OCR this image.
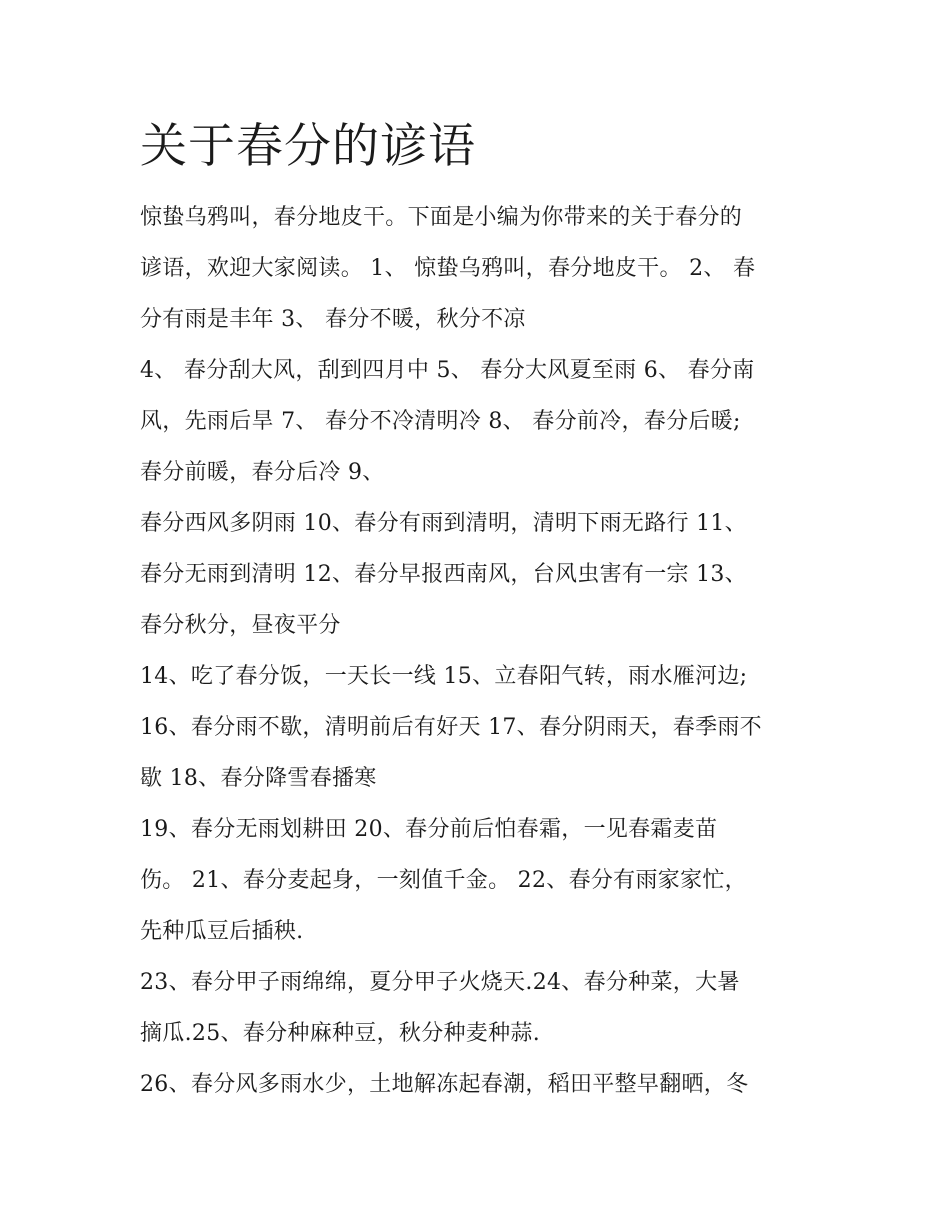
关于春分的谚语

惊蛰乌鸦叫，春分地皮干。下面是小编为你带来的关于春分的
谚语，欢迎大家阅读。 1、 惊蛰乌鸦叫，春分地皮干。 2、 春
分有雨是丰年 3、 春分不暖，秋分不凉

4、 春分刮大风，刮到四月中 5、 春分大风夏至雨 6、 春分南
风，先雨后旱 7、 春分不冷清明冷 8、 春分前冷，春分后暖;
春分前暖，春分后冷 9、

春分西风多阴雨 10、春分有雨到清明，清明下雨无路行 11、
春分无雨到清明 12、春分早报西南风，台风虫害有一宗 13、
春分秋分，昼夜平分

14、吃了春分饭，一天长一线 15、立春阳气转，雨水雁河边;
16、春分雨不歇，清明前后有好天 17、春分阴雨天，春季雨不
歇 18、春分降雪春播寒

19、春分无雨划耕田 20、春分前后怕春霜，一见春霜麦苗
伤。 21、春分麦起身，一刻值千金。 22、春分有雨家家忙，
先种瓜豆后插秧.

23、春分甲子雨绵绵，夏分甲子火烧天.24、春分种菜，大暑
摘瓜.25、春分种麻种豆，秋分种麦种蒜.

26、春分风多雨水少，土地解冻起春潮，稻田平整早翻晒，冬
